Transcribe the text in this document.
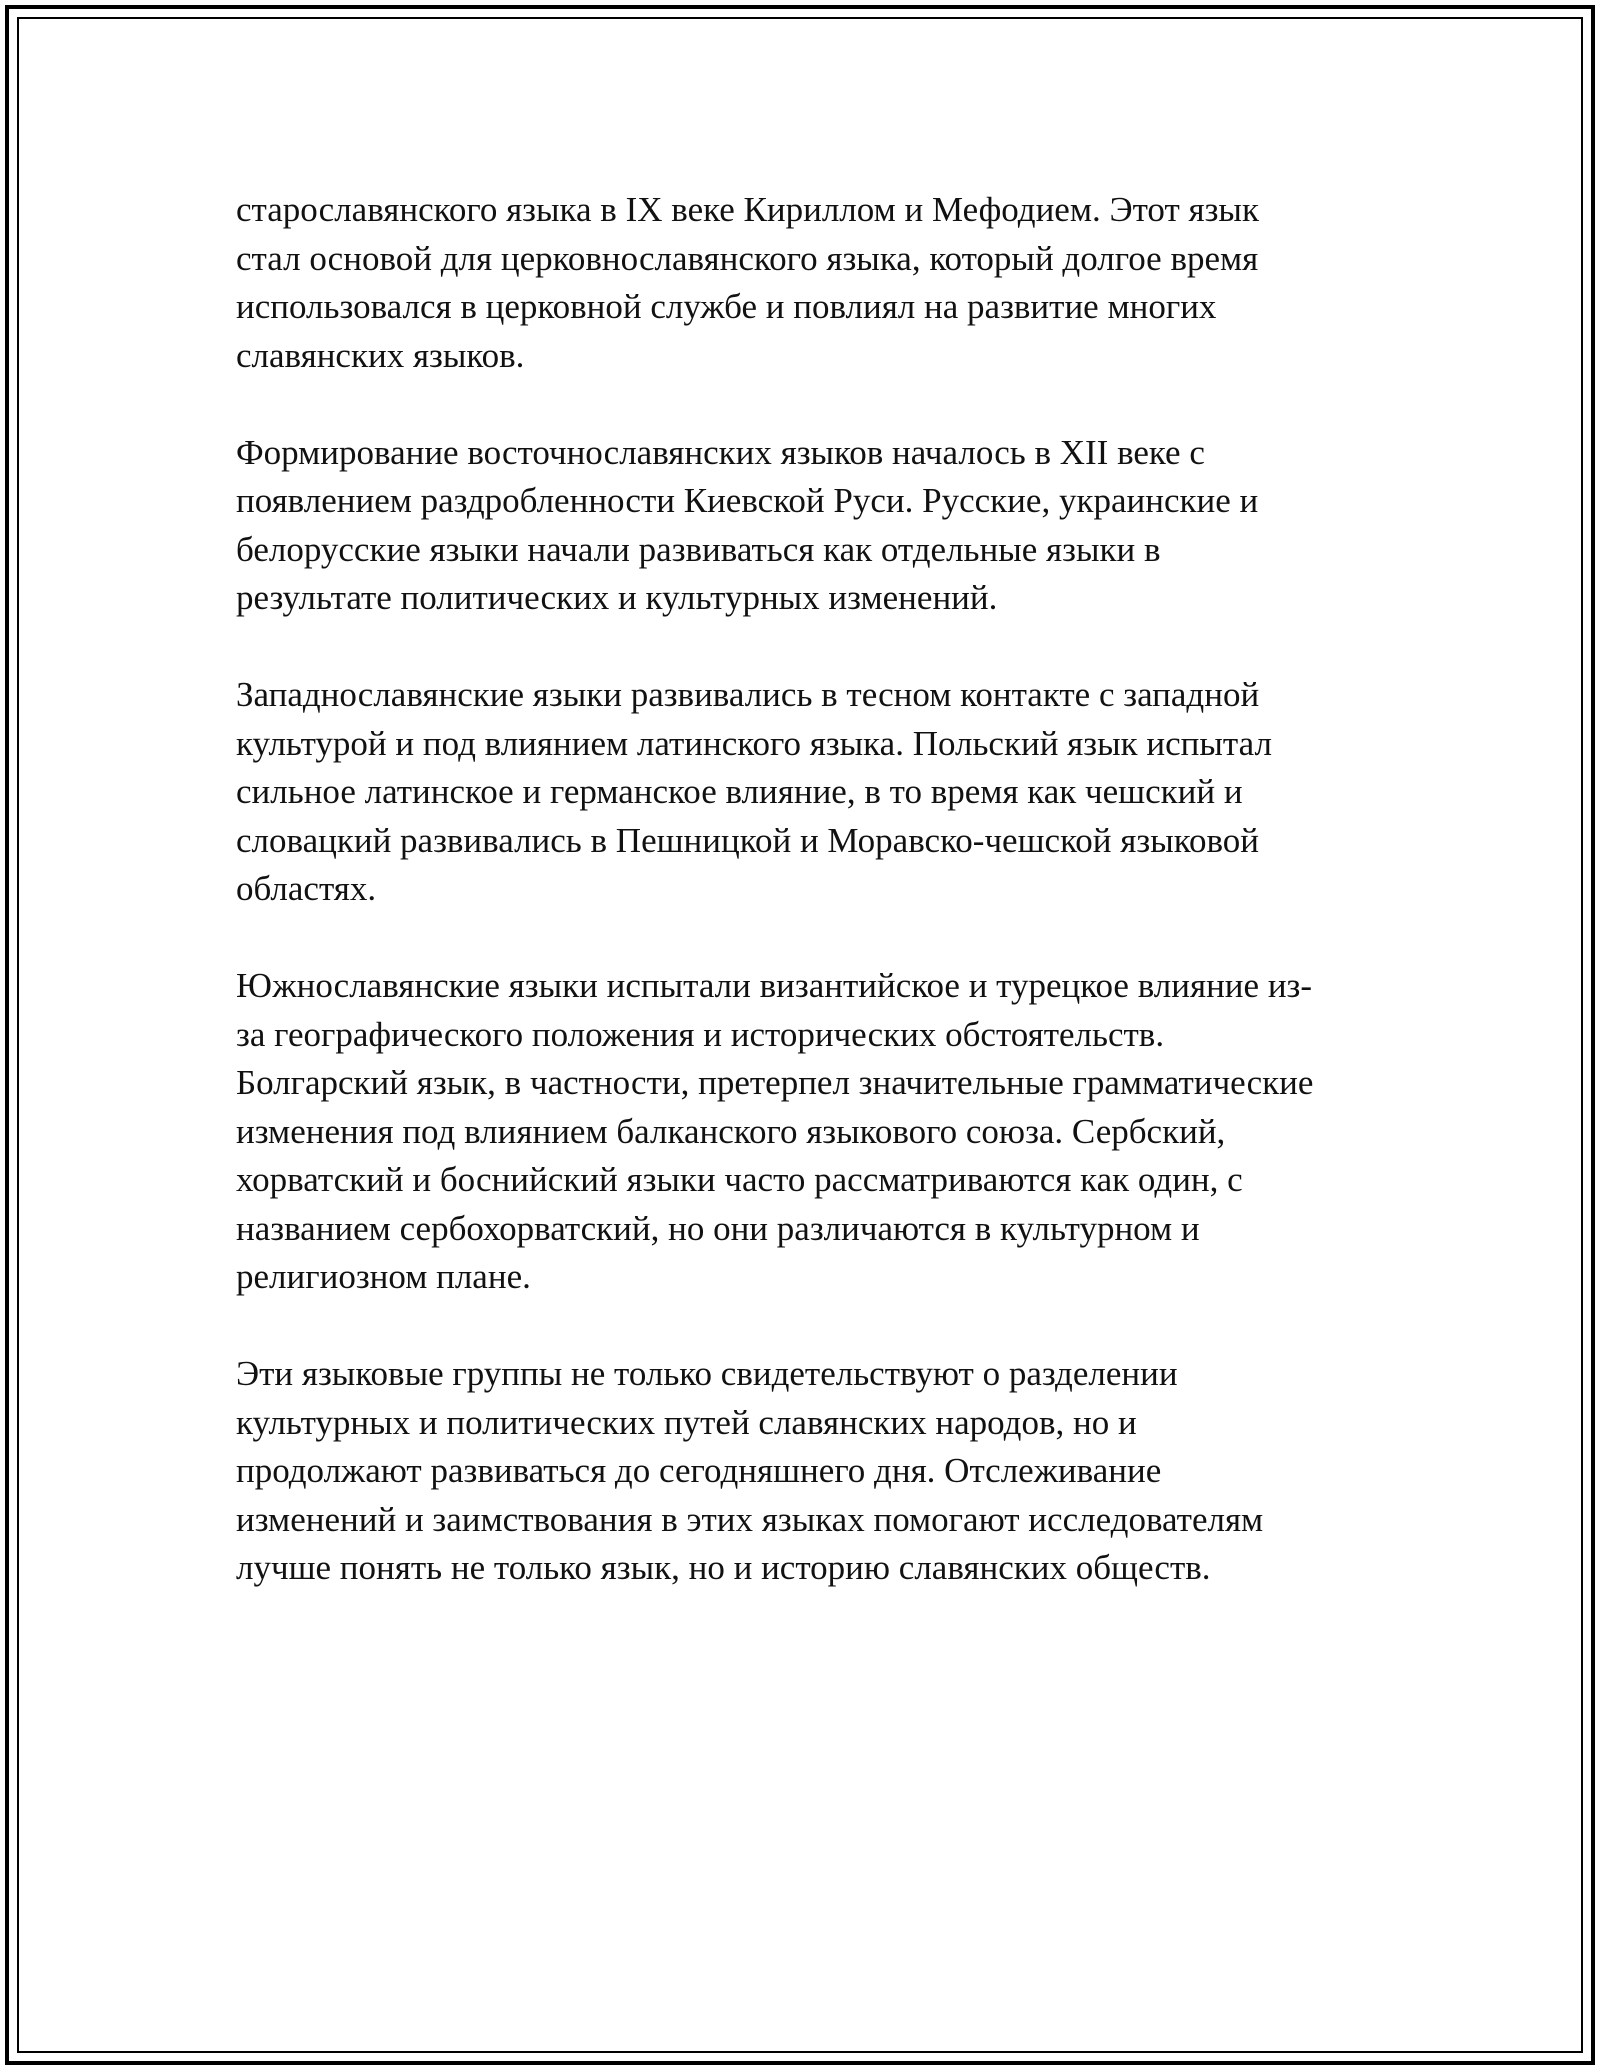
старославянского языка в IX веке Кириллом и Мефодием. Этот язык
стал основой для церковнославянского языка, который долгое время
использовался в церковной службе и повлиял на развитие многих
славянских языков.

Формирование восточнославянских языков началось в XII веке с
появлением раздробленности Киевской Руси. Русские, украинские и
белорусские языки начали развиваться как отдельные языки в
результате политических и культурных изменений.

Западнославянские языки развивались в тесном контакте с западной
культурой и под влиянием латинского языка. Польский язык испытал
сильное латинское и германское влияние, в то время как чешский и
словацкий развивались в Пешницкой и Моравско-чешской языковой
областях.

Южнославянские языки испытали византийское и турецкое влияние из-
за географического положения и исторических обстоятельств.
Болгарский язык, в частности, претерпел значительные грамматические
изменения под влиянием балканского языкового союза. Сербский,
хорватский и боснийский языки часто рассматриваются как один, с
названием сербохорватский, но они различаются в культурном и
религиозном плане.

Эти языковые группы не только свидетельствуют о разделении
культурных и политических путей славянских народов, но и
продолжают развиваться до сегодняшнего дня. Отслеживание
изменений и заимствования в этих языках помогают исследователям
лучше понять не только язык, но и историю славянских обществ.
